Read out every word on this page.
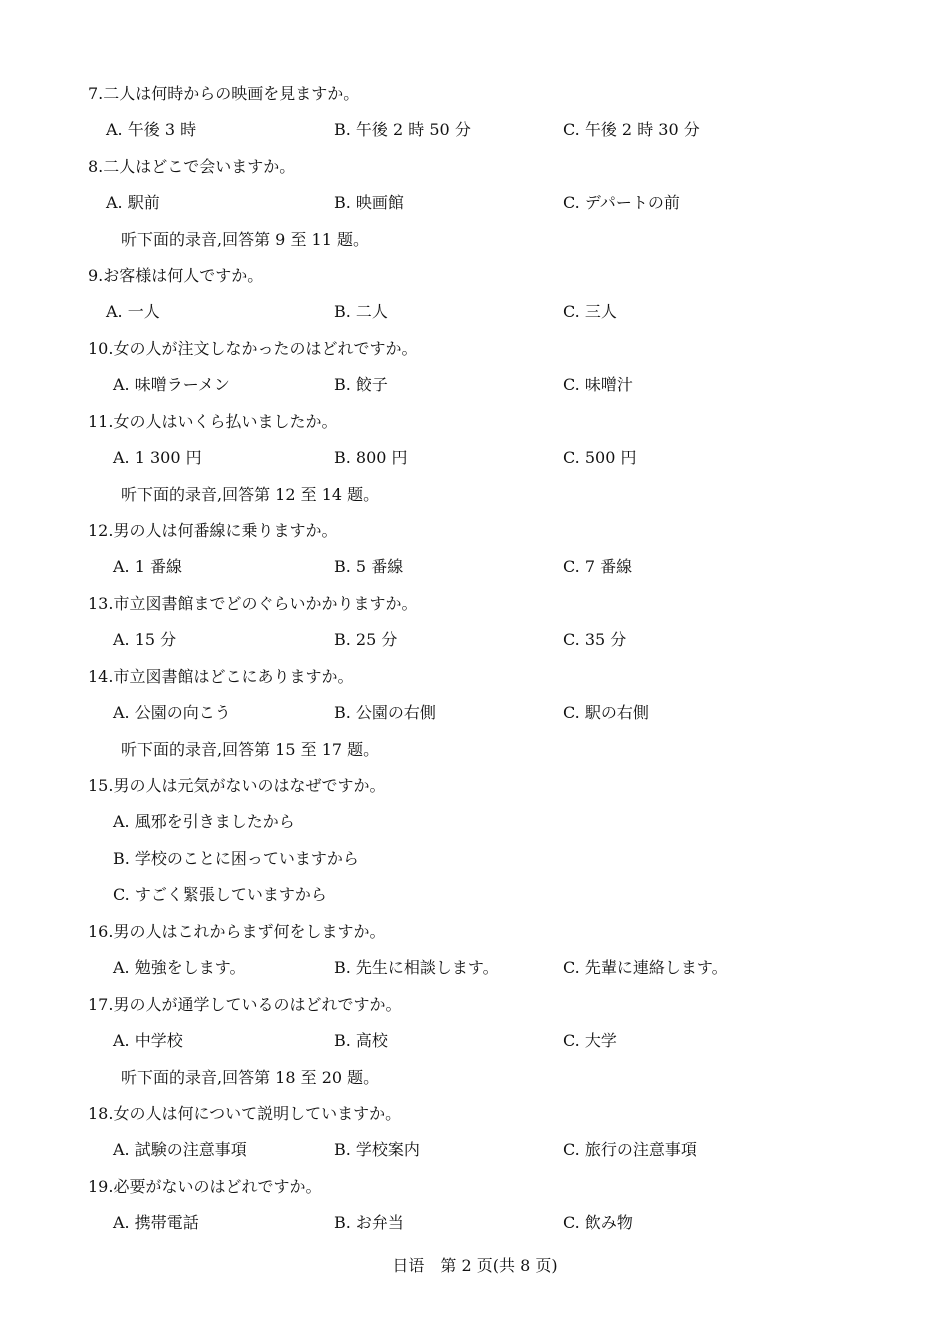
7.二人は何時からの映画を見ますか。
A. 午後 3 時	B. 午後 2 時 50 分	C. 午後 2 時 30 分
8.二人はどこで会いますか。
A. 駅前	B. 映画館	C. デパートの前
听下面的录音,回答第 9 至 11 题。
9.お客様は何人ですか。
A. 一人	B. 二人	C. 三人
10.女の人が注文しなかったのはどれですか。
A. 味噌ラーメン	B. 餃子	C. 味噌汁
11.女の人はいくら払いましたか。
A. 1 300 円	B. 800 円	C. 500 円
听下面的录音,回答第 12 至 14 题。
12.男の人は何番線に乗りますか。
A. 1 番線	B. 5 番線	C. 7 番線
13.市立図書館までどのぐらいかかりますか。
A. 15 分	B. 25 分	C. 35 分
14.市立図書館はどこにありますか。
A. 公園の向こう	B. 公園の右側	C. 駅の右側
听下面的录音,回答第 15 至 17 题。
15.男の人は元気がないのはなぜですか。
A. 風邪を引きましたから
B. 学校のことに困っていますから
C. すごく緊張していますから
16.男の人はこれからまず何をしますか。
A. 勉強をします。	B. 先生に相談します。	C. 先輩に連絡します。
17.男の人が通学しているのはどれですか。
A. 中学校	B. 高校	C. 大学
听下面的录音,回答第 18 至 20 题。
18.女の人は何について説明していますか。
A. 試験の注意事項	B. 学校案内	C. 旅行の注意事項
19.必要がないのはどれですか。
A. 携帯電話	B. お弁当	C. 飲み物
日语　第 2 页(共 8 页)
